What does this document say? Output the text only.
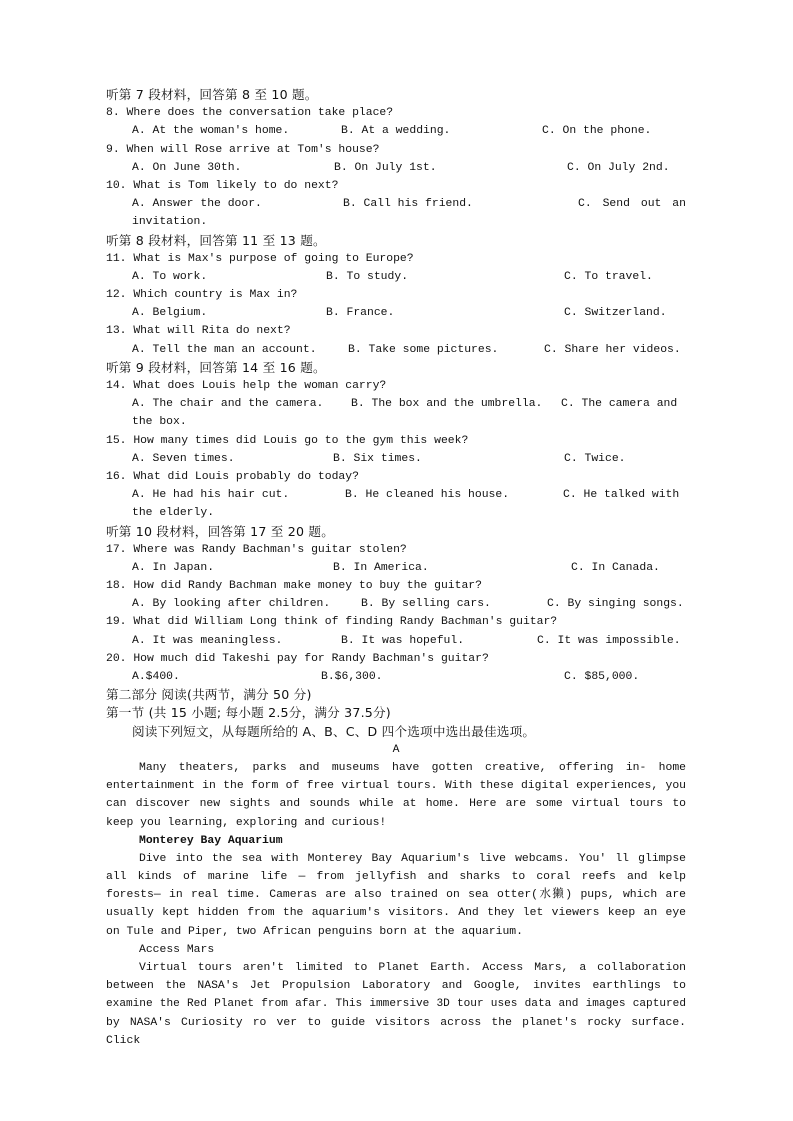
听第 7 段材料，回答第 8 至 10 题。
8. Where does the conversation take place?
A. At the woman's home.	B. At a wedding.	C. On the phone.
9. When will Rose arrive at Tom's house?
A. On June 30th.	B. On July 1st.	C. On July 2nd.
10. What is Tom likely to do next?
A. Answer the door.	B. Call his friend.	C. Send out an
invitation.
听第 8 段材料，回答第 11 至 13 题。
11. What is Max's purpose of going to Europe?
A. To work.	B. To study.	C. To travel.
12. Which country is Max in?
A. Belgium.	B. France.	C. Switzerland.
13. What will Rita do next?
A. Tell the man an account.	B. Take some pictures.	C. Share her videos.
听第 9 段材料，回答第 14 至 16 题。
14. What does Louis help the woman carry?
A. The chair and the camera.	B. The box and the umbrella.	C. The camera and
the box.
15. How many times did Louis go to the gym this week?
A. Seven times.	B. Six times.	C. Twice.
16. What did Louis probably do today?
A. He had his hair cut.	B. He cleaned his house.	C. He talked with
the elderly.
听第 10 段材料，回答第 17 至 20 题。
17. Where was Randy Bachman's guitar stolen?
A. In Japan.	B. In America.	C. In Canada.
18. How did Randy Bachman make money to buy the guitar?
A. By looking after children.	B. By selling cars.	C. By singing songs.
19. What did William Long think of finding Randy Bachman's guitar?
A. It was meaningless.	B. It was hopeful.	C. It was impossible.
20. How much did Takeshi pay for Randy Bachman's guitar?
A.$400.	B.$6,300.	C. $85,000.
第二部分 阅读(共两节，满分 50 分)
第一节 (共 15 小题; 每小题 2.5分，满分 37.5分)
阅读下列短文，从每题所给的 A、B、C、D 四个选项中选出最佳选项。
A
Many theaters, parks and museums have gotten creative, offering in- home
entertainment in the form of free virtual tours. With these digital experiences, you
can discover new sights and sounds while at home. Here are some virtual tours to
keep you learning, exploring and curious!
Monterey Bay Aquarium
Dive into the sea with Monterey Bay Aquarium's live webcams. You' ll glimpse
all kinds of marine life — from jellyfish and sharks to coral reefs and kelp
forests— in real time. Cameras are also trained on sea otter(水獭) pups, which are
usually kept hidden from the aquarium's visitors. And they let viewers keep an eye
on Tule and Piper, two African penguins born at the aquarium.
Access Mars
Virtual tours aren't limited to Planet Earth. Access Mars, a collaboration
between the NASA's Jet Propulsion Laboratory and Google, invites earthlings to
examine the Red Planet from afar. This immersive 3D tour uses data and images captured
by NASA's Curiosity ro ver to guide visitors across the planet's rocky surface. Click
